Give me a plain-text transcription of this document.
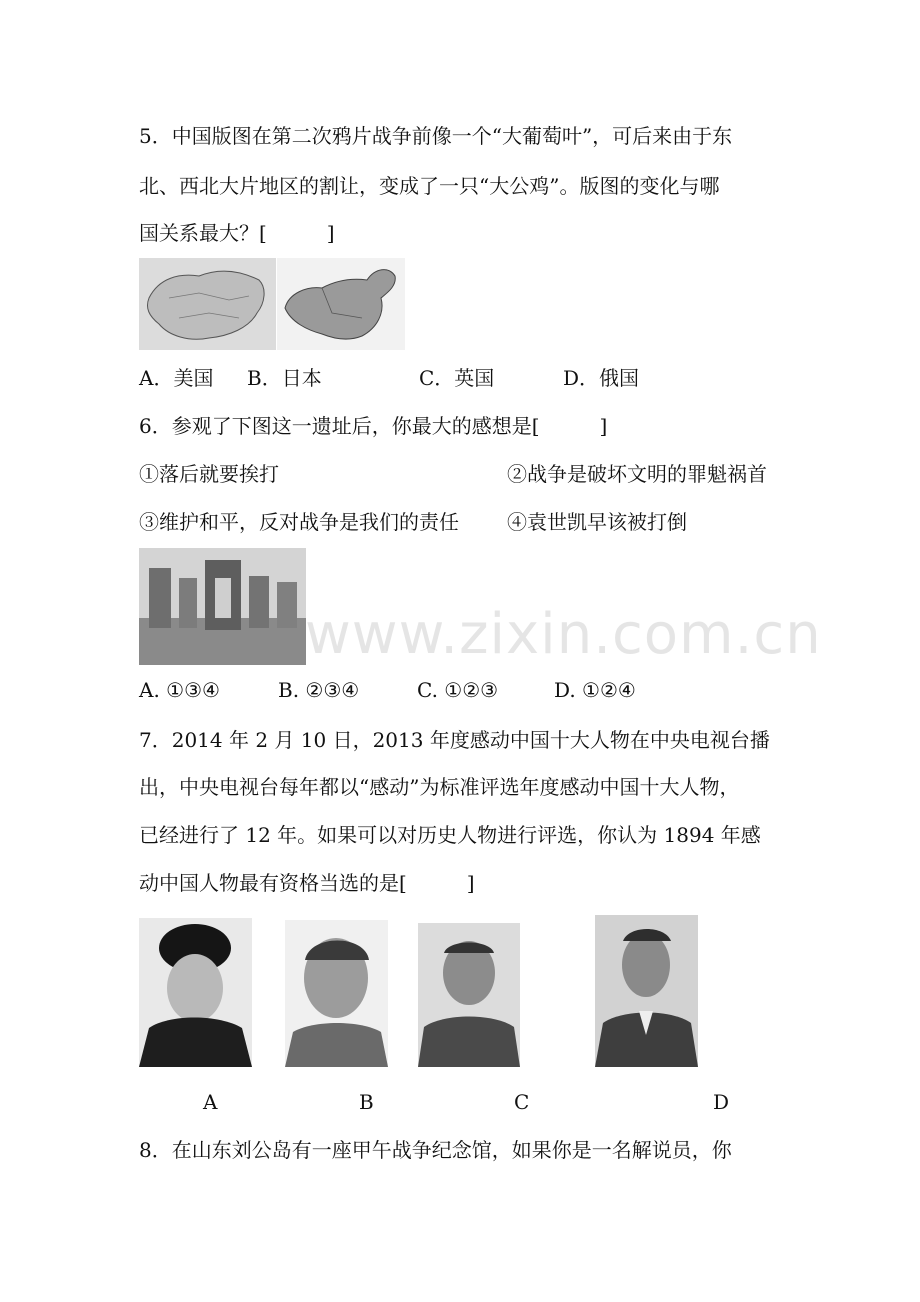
5．中国版图在第二次鸦片战争前像一个“大葡萄叶”，可后来由于东
北、西北大片地区的割让，变成了一只“大公鸡”。版图的变化与哪
国关系最大？[　　　]
A．美国 B．日本	C．英国	D．俄国
6．参观了下图这一遗址后，你最大的感想是[　　　]
①落后就要挨打	②战争是破坏文明的罪魁祸首
③维护和平，反对战争是我们的责任 ④袁世凯早该被打倒
www.zixin.com.cn
A. ①③④	B. ②③④	C. ①②③	D. ①②④
7．2014 年 2 月 10 日，2013 年度感动中国十大人物在中央电视台播
出，中央电视台每年都以“感动”为标准评选年度感动中国十大人物，
已经进行了 12 年。如果可以对历史人物进行评选，你认为 1894 年感
动中国人物最有资格当选的是[　　　]
A	B	C	D
8．在山东刘公岛有一座甲午战争纪念馆，如果你是一名解说员，你
